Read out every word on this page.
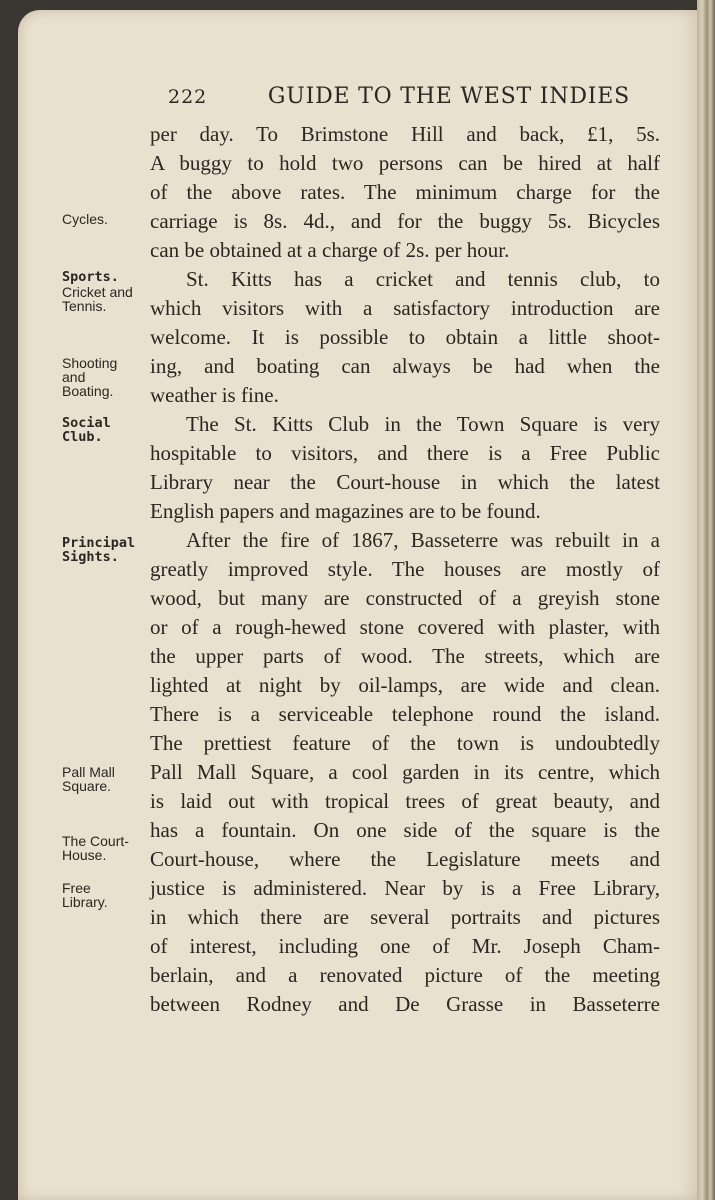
222	GUIDE TO THE WEST INDIES
per day. To Brimstone Hill and back, £1, 5s.
A buggy to hold two persons can be hired at half
of the above rates. The minimum charge for the
carriage is 8s. 4d., and for the buggy 5s. Bicycles
can be obtained at a charge of 2s. per hour.
St. Kitts has a cricket and tennis club, to
which visitors with a satisfactory introduction are
welcome. It is possible to obtain a little shoot-
ing, and boating can always be had when the
weather is fine.
The St. Kitts Club in the Town Square is very
hospitable to visitors, and there is a Free Public
Library near the Court-house in which the latest
English papers and magazines are to be found.
After the fire of 1867, Basseterre was rebuilt in a
greatly improved style. The houses are mostly of
wood, but many are constructed of a greyish stone
or of a rough-hewed stone covered with plaster, with
the upper parts of wood. The streets, which are
lighted at night by oil-lamps, are wide and clean.
There is a serviceable telephone round the island.
The prettiest feature of the town is undoubtedly
Pall Mall Square, a cool garden in its centre, which
is laid out with tropical trees of great beauty, and
has a fountain. On one side of the square is the
Court-house, where the Legislature meets and
justice is administered. Near by is a Free Library,
in which there are several portraits and pictures
of interest, including one of Mr. Joseph Cham-
berlain, and a renovated picture of the meeting
between Rodney and De Grasse in Basseterre
Cycles.
Sports.
Cricket and
Tennis.
Shooting
and
Boating.
Social
Club.
Principal
Sights.
Pall Mall
Square.
The Court-
House.
Free
Library.
